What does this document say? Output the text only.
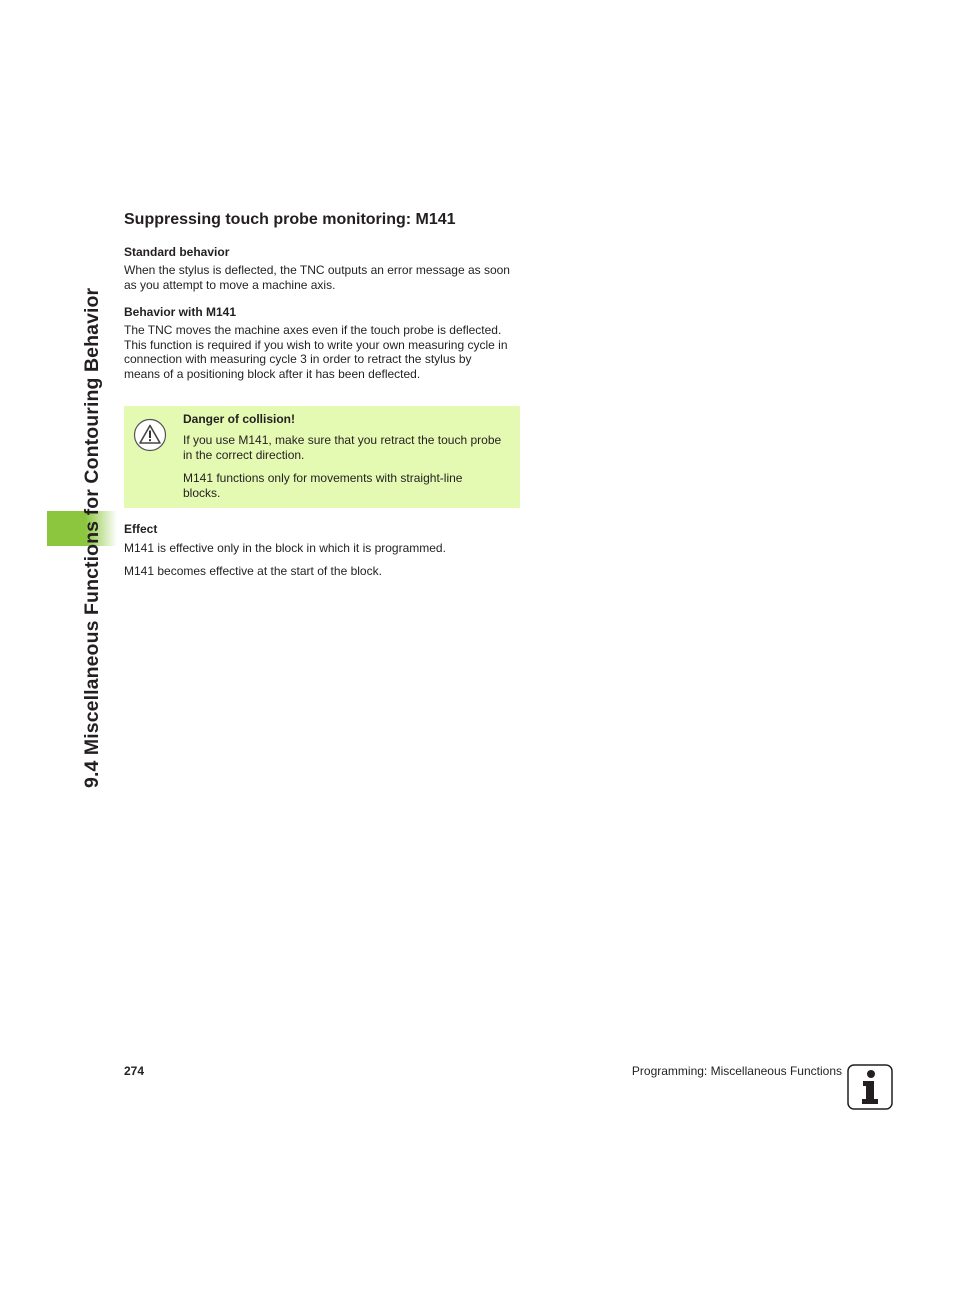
9.4 Miscellaneous Functions for Contouring Behavior
Suppressing touch probe monitoring: M141
Standard behavior

When the stylus is deflected, the TNC outputs an error message as soon as you attempt to move a machine axis.

Behavior with M141

The TNC moves the machine axes even if the touch probe is deflected. This function is required if you wish to write your own measuring cycle in connection with measuring cycle 3 in order to retract the stylus by means of a positioning block after it has been deflected.

Danger of collision!

If you use M141, make sure that you retract the touch probe in the correct direction.

M141 functions only for movements with straight-line blocks.

Effect

M141 is effective only in the block in which it is programmed.

M141 becomes effective at the start of the block.

274	Programming: Miscellaneous Functions
